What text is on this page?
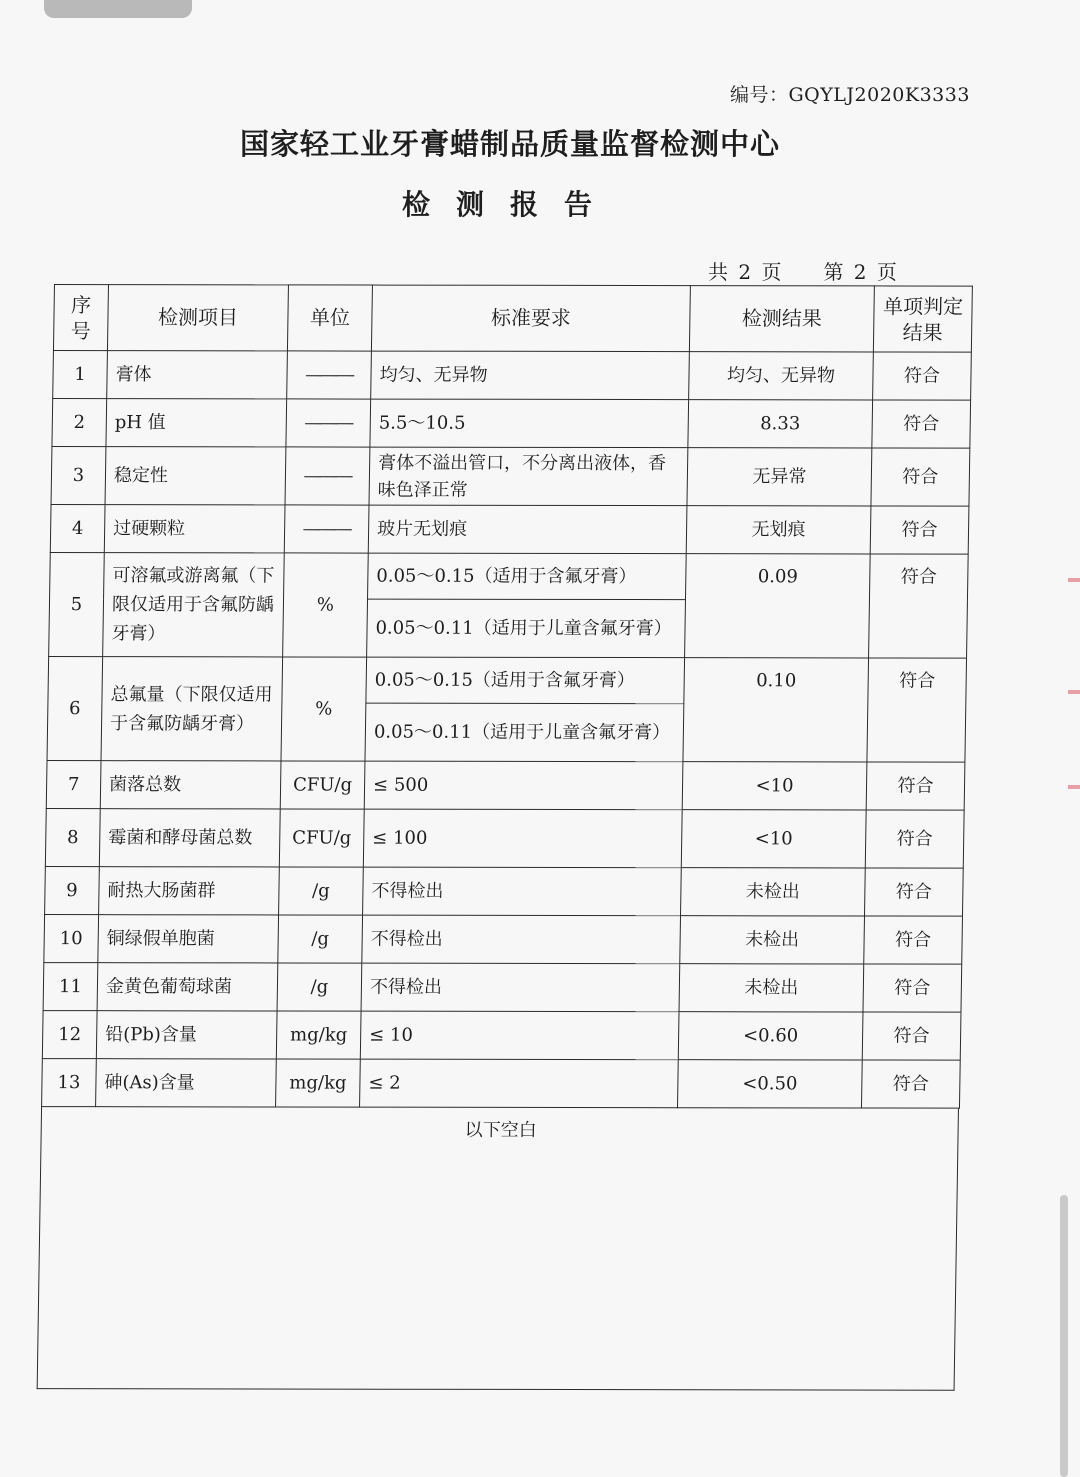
编号：GQYLJ2020K3333
国家轻工业牙膏蜡制品质量监督检测中心
检测报告
共 2 页 第 2 页
序号	检测项目	单位	标准要求	检测结果	单项判定结果
1	膏体	———	均匀、无异物	均匀、无异物	符合
2	pH 值	———	5.5～10.5	8.33	符合
3	稳定性	———	膏体不溢出管口，不分离出液体，香味色泽正常	无异常	符合
4	过硬颗粒	———	玻片无划痕	无划痕	符合
5	可溶氟或游离氟（下限仅适用于含氟防龋牙膏）	%	0.05～0.15（适用于含氟牙膏）	0.09	符合
			0.05～0.11（适用于儿童含氟牙膏）		
6	总氟量（下限仅适用于含氟防龋牙膏）	%	0.05～0.15（适用于含氟牙膏）	0.10	符合
			0.05～0.11（适用于儿童含氟牙膏）		
7	菌落总数	CFU/g	≤ 500	<10	符合
8	霉菌和酵母菌总数	CFU/g	≤ 100	<10	符合
9	耐热大肠菌群	/g	不得检出	未检出	符合
10	铜绿假单胞菌	/g	不得检出	未检出	符合
11	金黄色葡萄球菌	/g	不得检出	未检出	符合
12	铅(Pb)含量	mg/kg	≤ 10	<0.60	符合
13	砷(As)含量	mg/kg	≤ 2	<0.50	符合
以下空白
